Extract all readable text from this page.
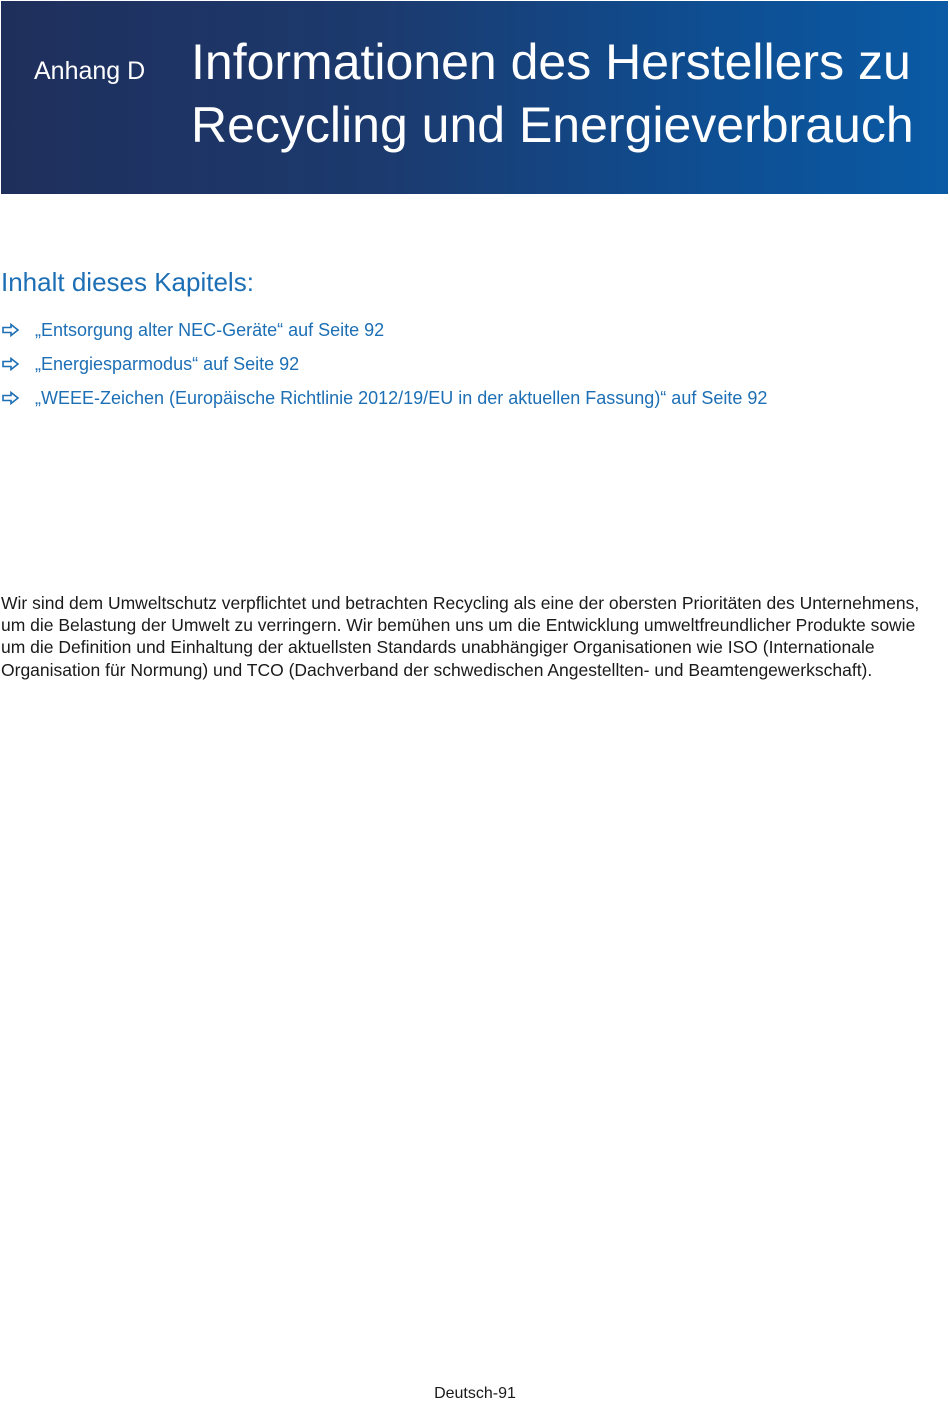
Anhang D Informationen des Herstellers zu
Recycling und Energieverbrauch
Inhalt dieses Kapitels:
„Entsorgung alter NEC-Geräte“ auf Seite 92
„Energiesparmodus“ auf Seite 92
„WEEE-Zeichen (Europäische Richtlinie 2012/19/EU in der aktuellen Fassung)“ auf Seite 92

Wir sind dem Umweltschutz verpflichtet und betrachten Recycling als eine der obersten Prioritäten des Unternehmens, um die Belastung der Umwelt zu verringern. Wir bemühen uns um die Entwicklung umweltfreundlicher Produkte sowie um die Definition und Einhaltung der aktuellsten Standards unabhängiger Organisationen wie ISO (Internationale Organisation für Normung) und TCO (Dachverband der schwedischen Angestellten- und Beamtengewerkschaft).

Deutsch-91
